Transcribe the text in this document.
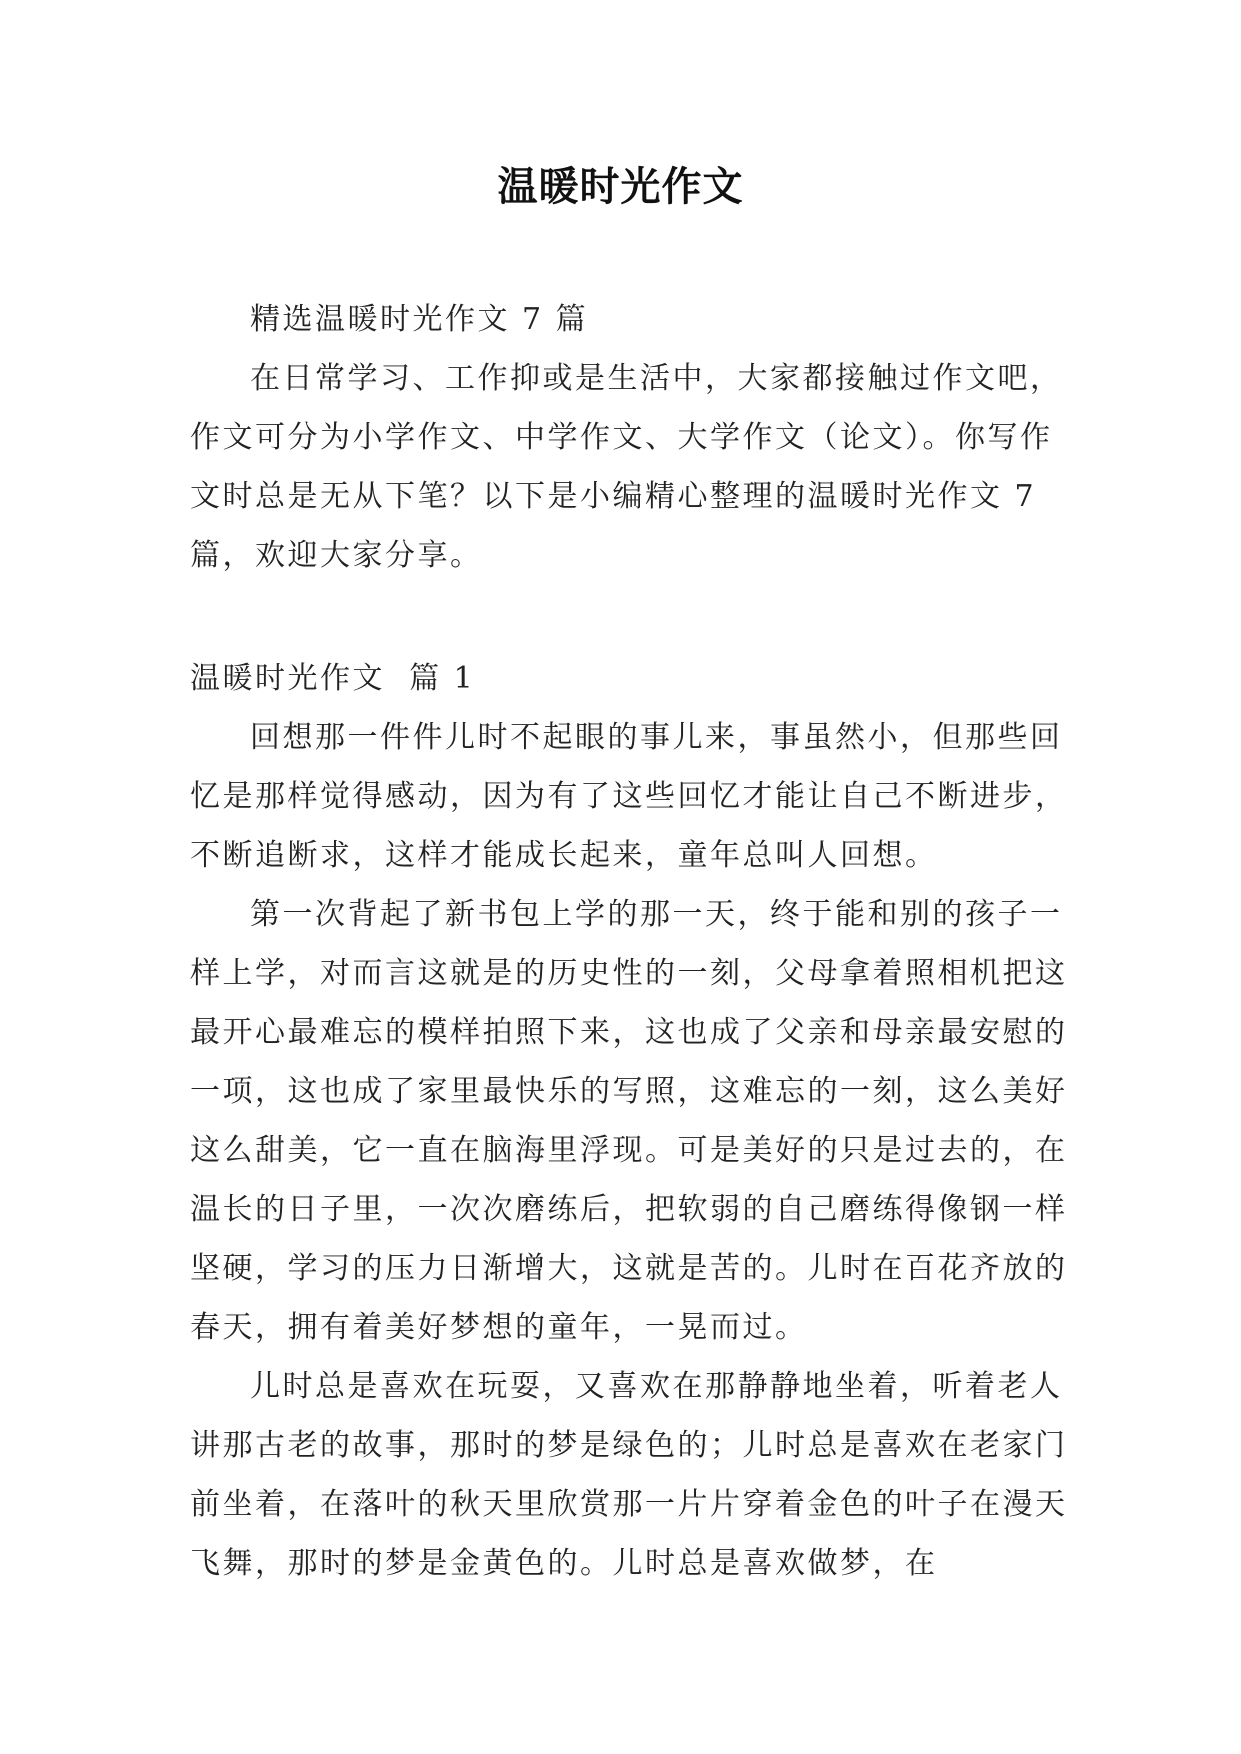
温暖时光作文

精选温暖时光作文 7 篇

在日常学习、工作抑或是生活中，大家都接触过作文吧，作文可分为小学作文、中学作文、大学作文（论文）。你写作文时总是无从下笔？以下是小编精心整理的温暖时光作文 7 篇，欢迎大家分享。

温暖时光作文  篇 1

回想那一件件儿时不起眼的事儿来，事虽然小，但那些回忆是那样觉得感动，因为有了这些回忆才能让自己不断进步，不断追断求，这样才能成长起来，童年总叫人回想。

第一次背起了新书包上学的那一天，终于能和别的孩子一样上学，对而言这就是的历史性的一刻，父母拿着照相机把这最开心最难忘的模样拍照下来，这也成了父亲和母亲最安慰的一项，这也成了家里最快乐的写照，这难忘的一刻，这么美好这么甜美，它一直在脑海里浮现。可是美好的只是过去的，在温长的日子里，一次次磨练后，把软弱的自己磨练得像钢一样坚硬，学习的压力日渐增大，这就是苦的。儿时在百花齐放的春天，拥有着美好梦想的童年，一晃而过。

儿时总是喜欢在玩耍，又喜欢在那静静地坐着，听着老人讲那古老的故事，那时的梦是绿色的；儿时总是喜欢在老家门前坐着，在落叶的秋天里欣赏那一片片穿着金色的叶子在漫天飞舞，那时的梦是金黄色的。儿时总是喜欢做梦，在
